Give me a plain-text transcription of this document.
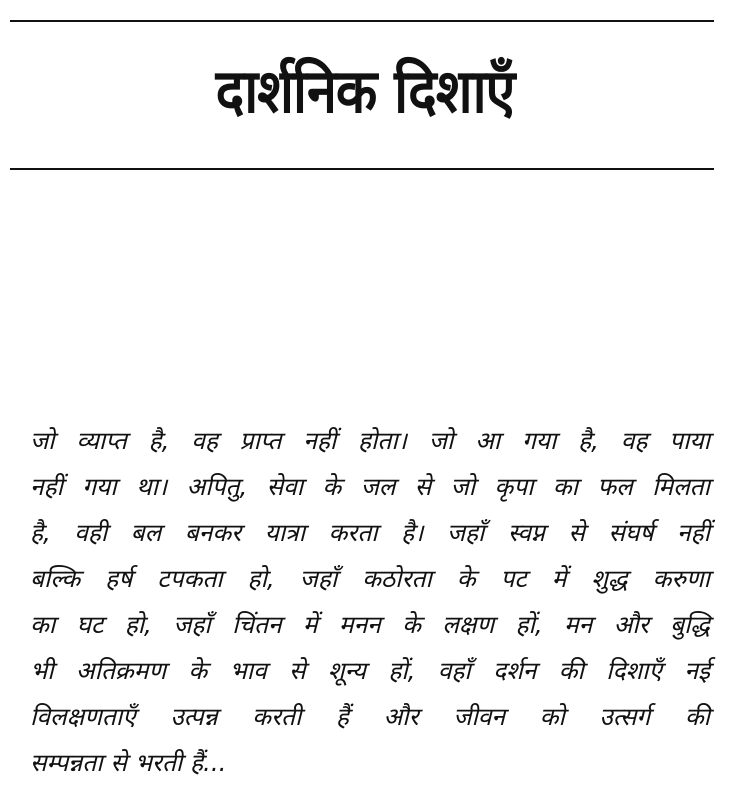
दार्शनिक दिशाएँ
जो व्याप्त है, वह प्राप्त नहीं होता। जो आ गया है, वह पाया
नहीं गया था। अपितु, सेवा के जल से जो कृपा का फल मिलता
है, वही बल बनकर यात्रा करता है। जहाँ स्वप्न से संघर्ष नहीं
बल्कि हर्ष टपकता हो, जहाँ कठोरता के पट में शुद्ध करुणा
का घट हो, जहाँ चिंतन में मनन के लक्षण हों, मन और बुद्धि
भी अतिक्रमण के भाव से शून्य हों, वहाँ दर्शन की दिशाएँ नई
विलक्षणताएँ उत्पन्न करती हैं और जीवन को उत्सर्ग की
सम्पन्नता से भरती हैं...
